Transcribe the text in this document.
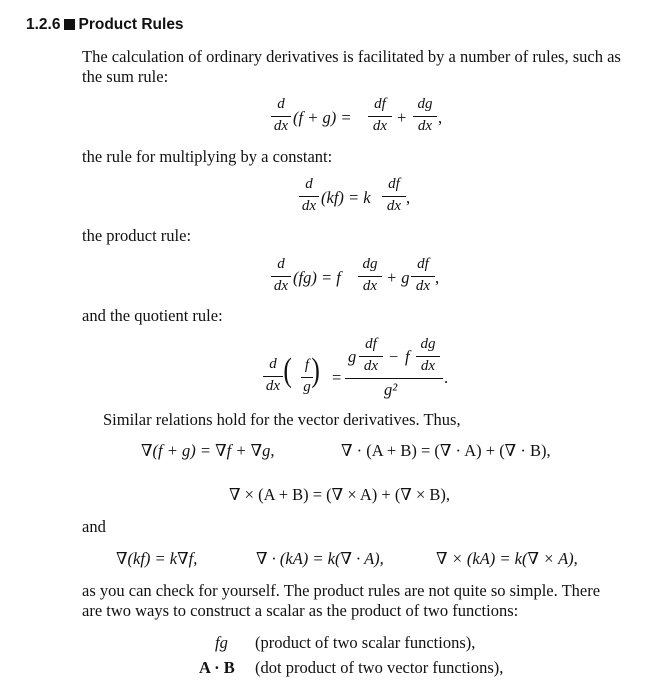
1.2.6 Product Rules
The calculation of ordinary derivatives is facilitated by a number of rules, such as
the sum rule:
d
dx (f + g) =
df
dx +
dg
dx ,
the rule for multiplying by a constant:
d
dx (kf) = k
df
dx ,
the product rule:
d
dx (fg) = f
dg
dx + g
df
dx ,
and the quotient rule:
d
dx ( f
g ) =
g
df
dx − f
dg
dx
g²
.
Similar relations hold for the vector derivatives. Thus,
∇(f + g) = ∇f + ∇g,	∇ · (A + B) = (∇ · A) + (∇ · B),
∇ × (A + B) = (∇ × A) + (∇ × B),
and
∇(kf) = k∇f,	∇ · (kA) = k(∇ · A),	∇ × (kA) = k(∇ × A),
as you can check for yourself. The product rules are not quite so simple. There
are two ways to construct a scalar as the product of two functions:
fg (product of two scalar functions),
A · B (dot product of two vector functions),
